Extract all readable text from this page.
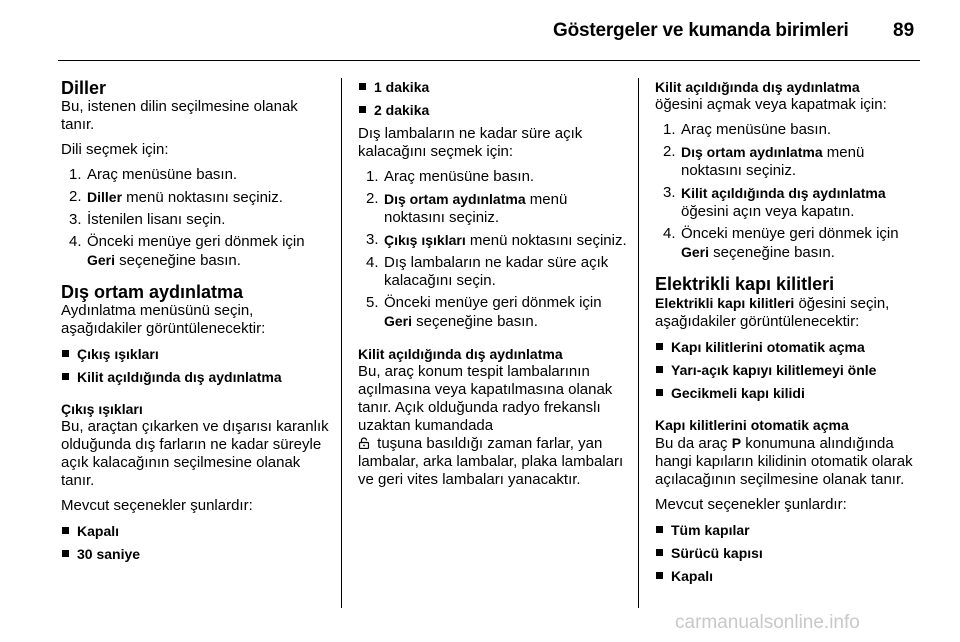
Göstergeler ve kumanda birimleri 89
Diller
Bu, istenen dilin seçilmesine olanak tanır.
Dili seçmek için:
1. Araç menüsüne basın.
2. Diller menü noktasını seçiniz.
3. İstenilen lisanı seçin.
4. Önceki menüye geri dönmek için Geri seçeneğine basın.
Dış ortam aydınlatma
Aydınlatma menüsünü seçin, aşağıdakiler görüntülenecektir:
Çıkış ışıkları
Kilit açıldığında dış aydınlatma
Çıkış ışıkları
Bu, araçtan çıkarken ve dışarısı karanlık olduğunda dış farların ne kadar süreyle açık kalacağının seçilmesine olanak tanır.
Mevcut seçenekler şunlardır:
Kapalı
30 saniye
1 dakika
2 dakika
Dış lambaların ne kadar süre açık kalacağını seçmek için:
1. Araç menüsüne basın.
2. Dış ortam aydınlatma menü noktasını seçiniz.
3. Çıkış ışıkları menü noktasını seçiniz.
4. Dış lambaların ne kadar süre açık kalacağını seçin.
5. Önceki menüye geri dönmek için Geri seçeneğine basın.
Kilit açıldığında dış aydınlatma
Bu, araç konum tespit lambalarının açılmasına veya kapatılmasına olanak tanır. Açık olduğunda radyo frekanslı uzaktan kumandada
tuşuna basıldığı zaman farlar, yan lambalar, arka lambalar, plaka lambaları ve geri vites lambaları yanacaktır.
Kilit açıldığında dış aydınlatma
öğesini açmak veya kapatmak için:
1. Araç menüsüne basın.
2. Dış ortam aydınlatma menü noktasını seçiniz.
3. Kilit açıldığında dış aydınlatma öğesini açın veya kapatın.
4. Önceki menüye geri dönmek için Geri seçeneğine basın.
Elektrikli kapı kilitleri
Elektrikli kapı kilitleri öğesini seçin, aşağıdakiler görüntülenecektir:
Kapı kilitlerini otomatik açma
Yarı-açık kapıyı kilitlemeyi önle
Gecikmeli kapı kilidi
Kapı kilitlerini otomatik açma
Bu da araç P konumuna alındığında hangi kapıların kilidinin otomatik olarak açılacağının seçilmesine olanak tanır.
Mevcut seçenekler şunlardır:
Tüm kapılar
Sürücü kapısı
Kapalı
carmanualsonline.info
